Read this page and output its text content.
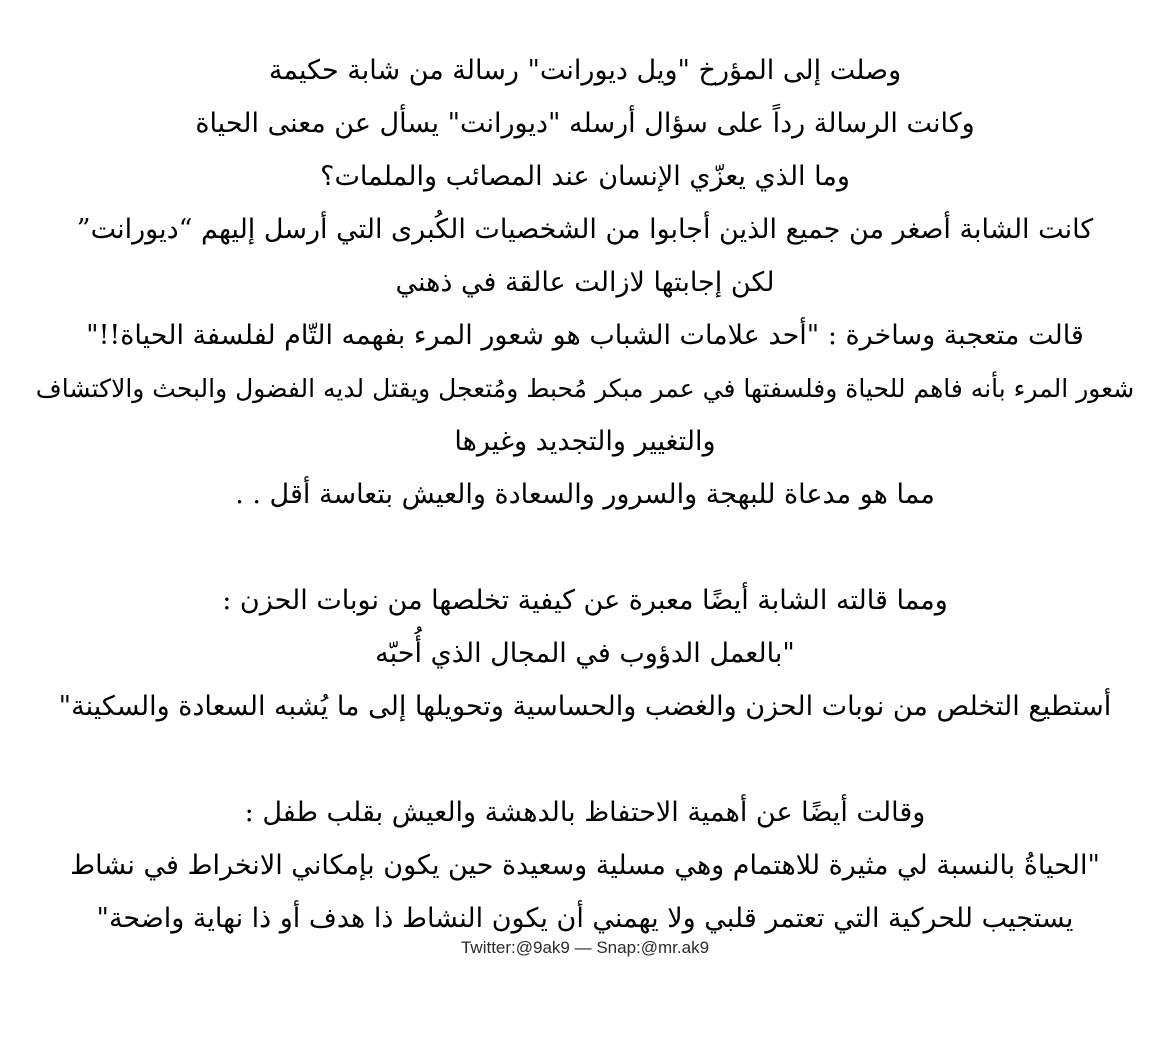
وصلت إلى المؤرخ "ويل ديورانت" رسالة من شابة حكيمة
وكانت الرسالة رداً على سؤال أرسله "ديورانت" يسأل عن معنى الحياة
وما الذي يعزّي الإنسان عند المصائب والملمات؟
كانت الشابة أصغر من جميع الذين أجابوا من الشخصيات الكُبرى التي أرسل إليهم “ديورانت”
لكن إجابتها لازالت عالقة في ذهني
قالت متعجبة وساخرة : "أحد علامات الشباب هو شعور المرء بفهمه التّام لفلسفة الحياة!!"
شعور المرء بأنه فاهم للحياة وفلسفتها في عمر مبكر مُحبط ومُتعجل ويقتل لديه الفضول والبحث والاكتشاف
والتغيير والتجديد وغيرها
مما هو مدعاة للبهجة والسرور والسعادة والعيش بتعاسة أقل . .
ومما قالته الشابة أيضًا معبرة عن كيفية تخلصها من نوبات الحزن :
"بالعمل الدؤوب في المجال الذي أُحبّه
أستطيع التخلص من نوبات الحزن والغضب والحساسية وتحويلها إلى ما يُشبه السعادة والسكينة"
وقالت أيضًا عن أهمية الاحتفاظ بالدهشة والعيش بقلب طفل :
"الحياةُ بالنسبة لي مثيرة للاهتمام وهي مسلية وسعيدة حين يكون بإمكاني الانخراط في نشاط
يستجيب للحركية التي تعتمر قلبي ولا يهمني أن يكون النشاط ذا هدف أو ذا نهاية واضحة"
Twitter:@9ak9 — Snap:@mr.ak9
